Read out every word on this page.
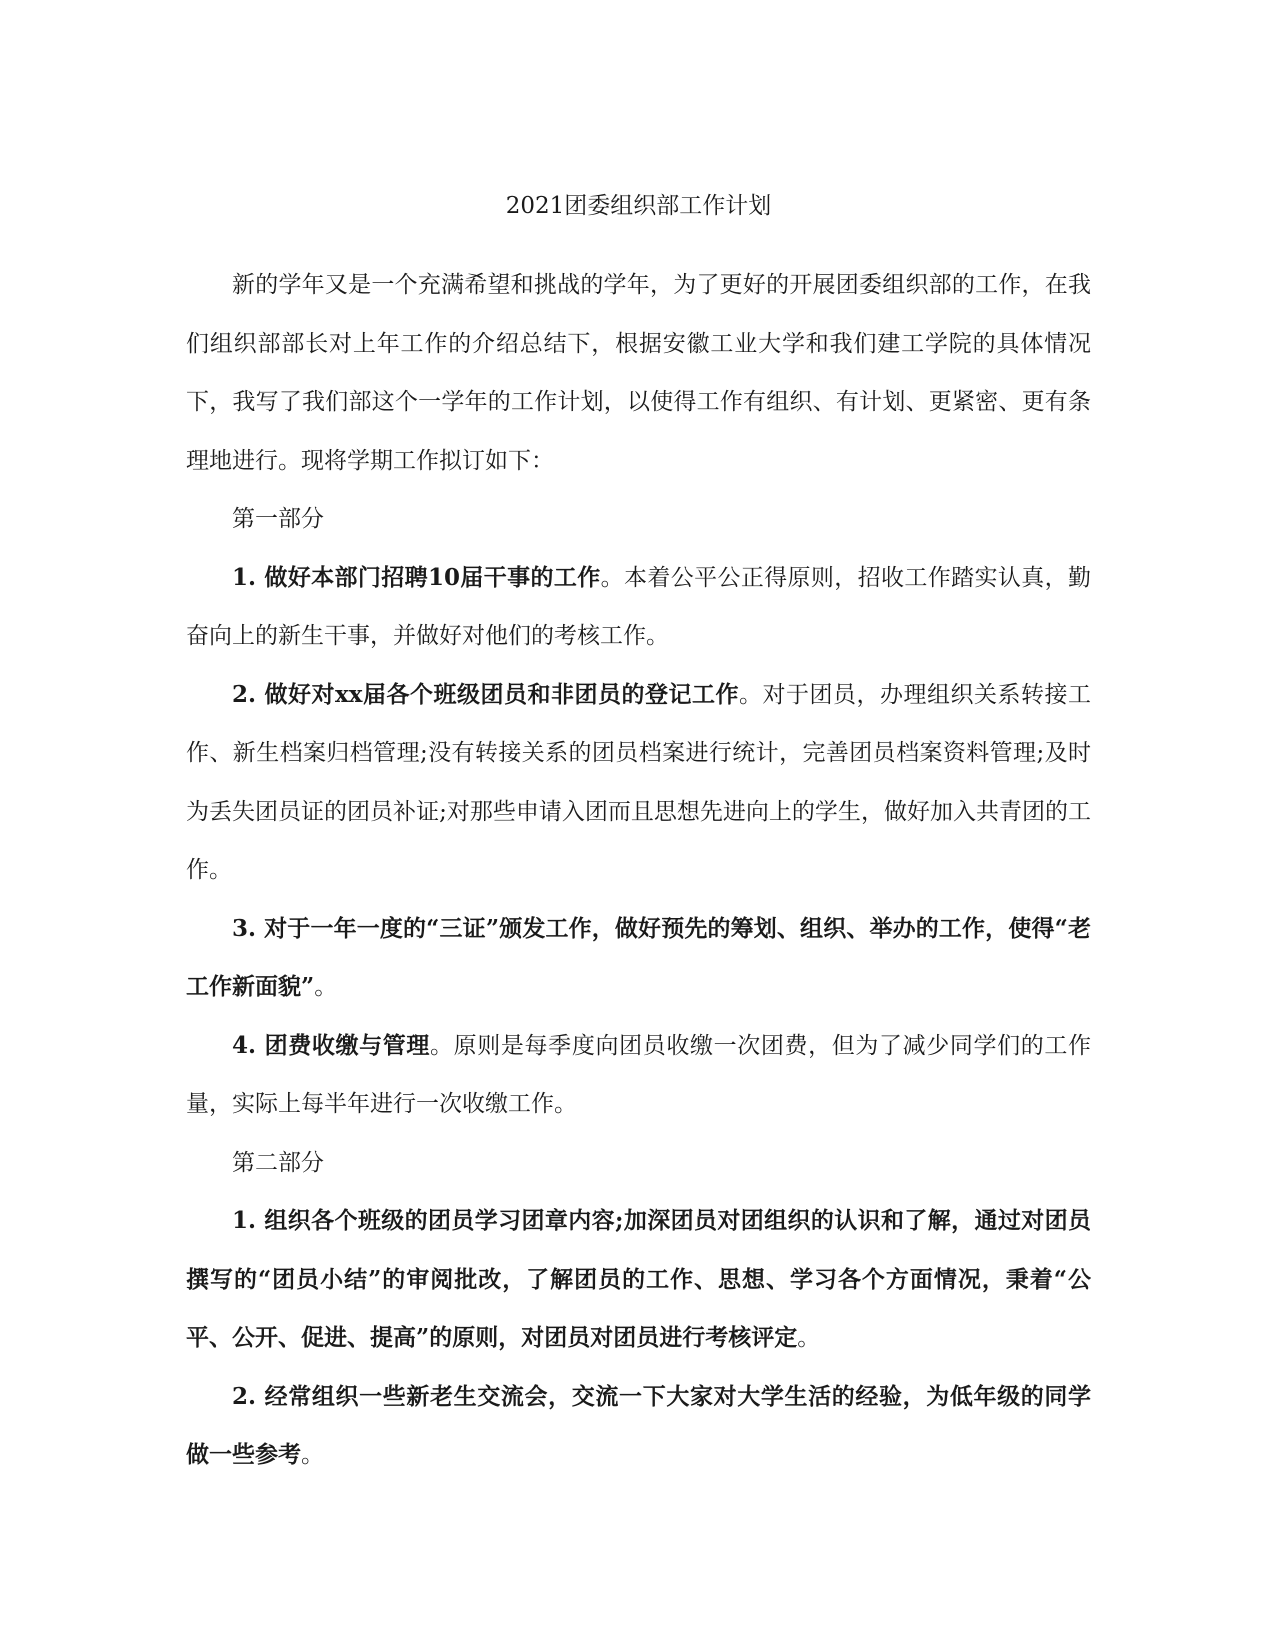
2021团委组织部工作计划

新的学年又是一个充满希望和挑战的学年，为了更好的开展团委组织部的工作，在我们组织部部长对上年工作的介绍总结下，根据安徽工业大学和我们建工学院的具体情况下，我写了我们部这个一学年的工作计划，以使得工作有组织、有计划、更紧密、更有条理地进行。现将学期工作拟订如下：

第一部分

1. 做好本部门招聘10届干事的工作。本着公平公正得原则，招收工作踏实认真，勤奋向上的新生干事，并做好对他们的考核工作。

2. 做好对xx届各个班级团员和非团员的登记工作。对于团员，办理组织关系转接工作、新生档案归档管理;没有转接关系的团员档案进行统计，完善团员档案资料管理;及时为丢失团员证的团员补证;对那些申请入团而且思想先进向上的学生，做好加入共青团的工作。

3. 对于一年一度的“三证”颁发工作，做好预先的筹划、组织、举办的工作，使得“老工作新面貌”。

4. 团费收缴与管理。原则是每季度向团员收缴一次团费，但为了减少同学们的工作量，实际上每半年进行一次收缴工作。

第二部分

1. 组织各个班级的团员学习团章内容;加深团员对团组织的认识和了解，通过对团员撰写的“团员小结”的审阅批改，了解团员的工作、思想、学习各个方面情况，秉着“公平、公开、促进、提高”的原则，对团员对团员进行考核评定。

2. 经常组织一些新老生交流会，交流一下大家对大学生活的经验，为低年级的同学做一些参考。
